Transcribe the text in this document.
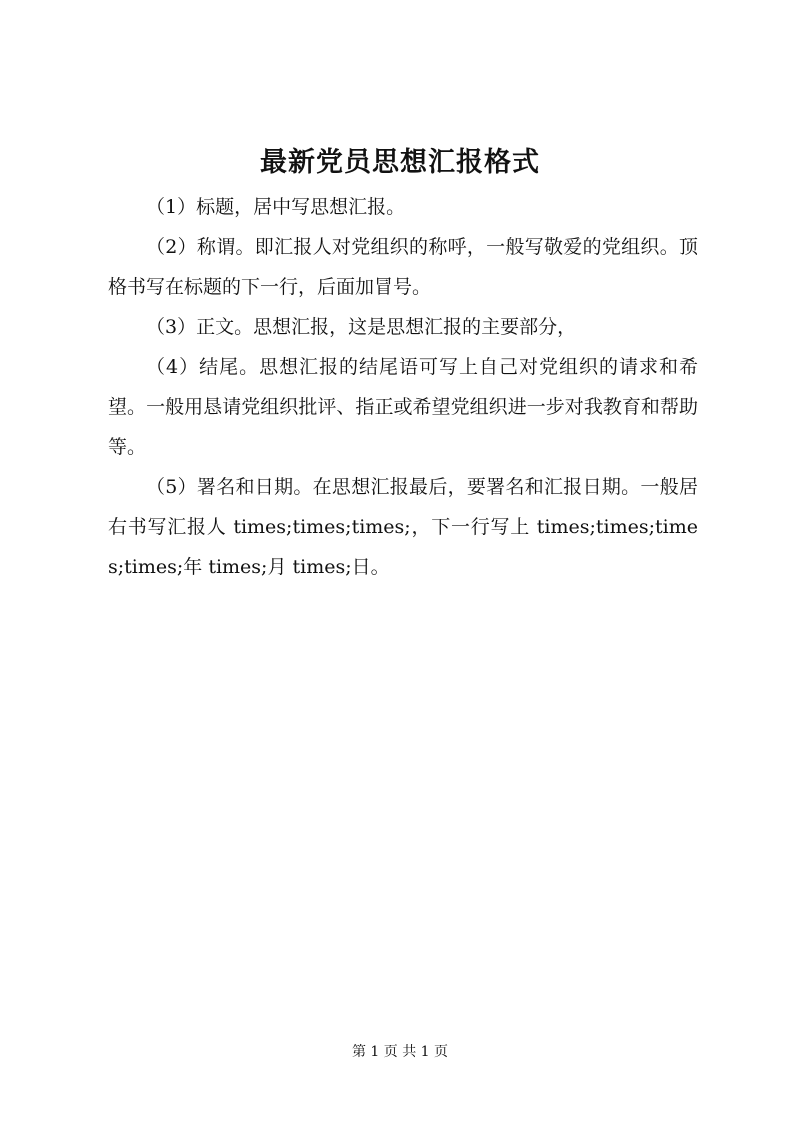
最新党员思想汇报格式

（1）标题，居中写思想汇报。

（2）称谓。即汇报人对党组织的称呼，一般写敬爱的党组织。顶格书写在标题的下一行，后面加冒号。

（3）正文。思想汇报，这是思想汇报的主要部分，

（4）结尾。思想汇报的结尾语可写上自己对党组织的请求和希望。一般用恳请党组织批评、指正或希望党组织进一步对我教育和帮助等。

（5）署名和日期。在思想汇报最后，要署名和汇报日期。一般居右书写汇报人 times;times;times;，下一行写上 times;times;times;times;年 times;月 times;日。

第 1 页 共 1 页
